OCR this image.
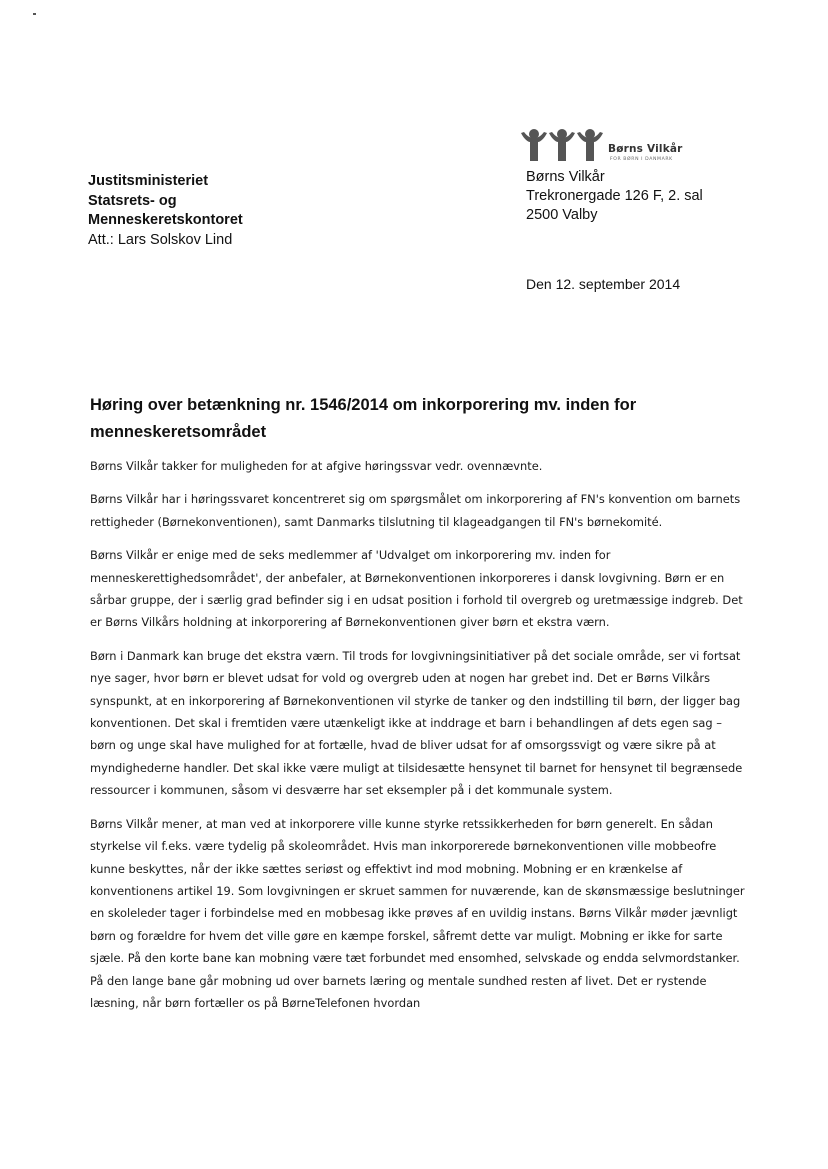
Børns Vilkår
FOR BØRN I DANMARK
Justitsministeriet
Statsrets- og
Menneskeretskontoret
Att.: Lars Solskov Lind
Børns Vilkår
Trekronergade 126 F, 2. sal
2500 Valby
Den 12. september 2014
Høring over betænkning nr. 1546/2014 om inkorporering mv. inden for menneskeretsområdet

Børns Vilkår takker for muligheden for at afgive høringssvar vedr. ovennævnte.

Børns Vilkår har i høringssvaret koncentreret sig om spørgsmålet om inkorporering af FN's konvention om barnets rettigheder (Børnekonventionen), samt Danmarks tilslutning til klageadgangen til FN's børnekomité.

Børns Vilkår er enige med de seks medlemmer af 'Udvalget om inkorporering mv. inden for menneskerettighedsområdet', der anbefaler, at Børnekonventionen inkorporeres i dansk lovgivning. Børn er en sårbar gruppe, der i særlig grad befinder sig i en udsat position i forhold til overgreb og uretmæssige indgreb. Det er Børns Vilkårs holdning at inkorporering af Børnekonventionen giver børn et ekstra værn.

Børn i Danmark kan bruge det ekstra værn. Til trods for lovgivningsinitiativer på det sociale område, ser vi fortsat nye sager, hvor børn er blevet udsat for vold og overgreb uden at nogen har grebet ind. Det er Børns Vilkårs synspunkt, at en inkorporering af Børnekonventionen vil styrke de tanker og den indstilling til børn, der ligger bag konventionen. Det skal i fremtiden være utænkeligt ikke at inddrage et barn i behandlingen af dets egen sag – børn og unge skal have mulighed for at fortælle, hvad de bliver udsat for af omsorgssvigt og være sikre på at myndighederne handler. Det skal ikke være muligt at tilsidesætte hensynet til barnet for hensynet til begrænsede ressourcer i kommunen, såsom vi desværre har set eksempler på i det kommunale system.

Børns Vilkår mener, at man ved at inkorporere ville kunne styrke retssikkerheden for børn generelt. En sådan styrkelse vil f.eks. være tydelig på skoleområdet. Hvis man inkorporerede børnekonventionen ville mobbeofre kunne beskyttes, når der ikke sættes seriøst og effektivt ind mod mobning. Mobning er en krænkelse af konventionens artikel 19. Som lovgivningen er skruet sammen for nuværende, kan de skønsmæssige beslutninger en skoleleder tager i forbindelse med en mobbesag ikke prøves af en uvildig instans. Børns Vilkår møder jævnligt børn og forældre for hvem det ville gøre en kæmpe forskel, såfremt dette var muligt. Mobning er ikke for sarte sjæle. På den korte bane kan mobning være tæt forbundet med ensomhed, selvskade og endda selvmordstanker. På den lange bane går mobning ud over barnets læring og mentale sundhed resten af livet. Det er rystende læsning, når børn fortæller os på BørneTelefonen hvordan
